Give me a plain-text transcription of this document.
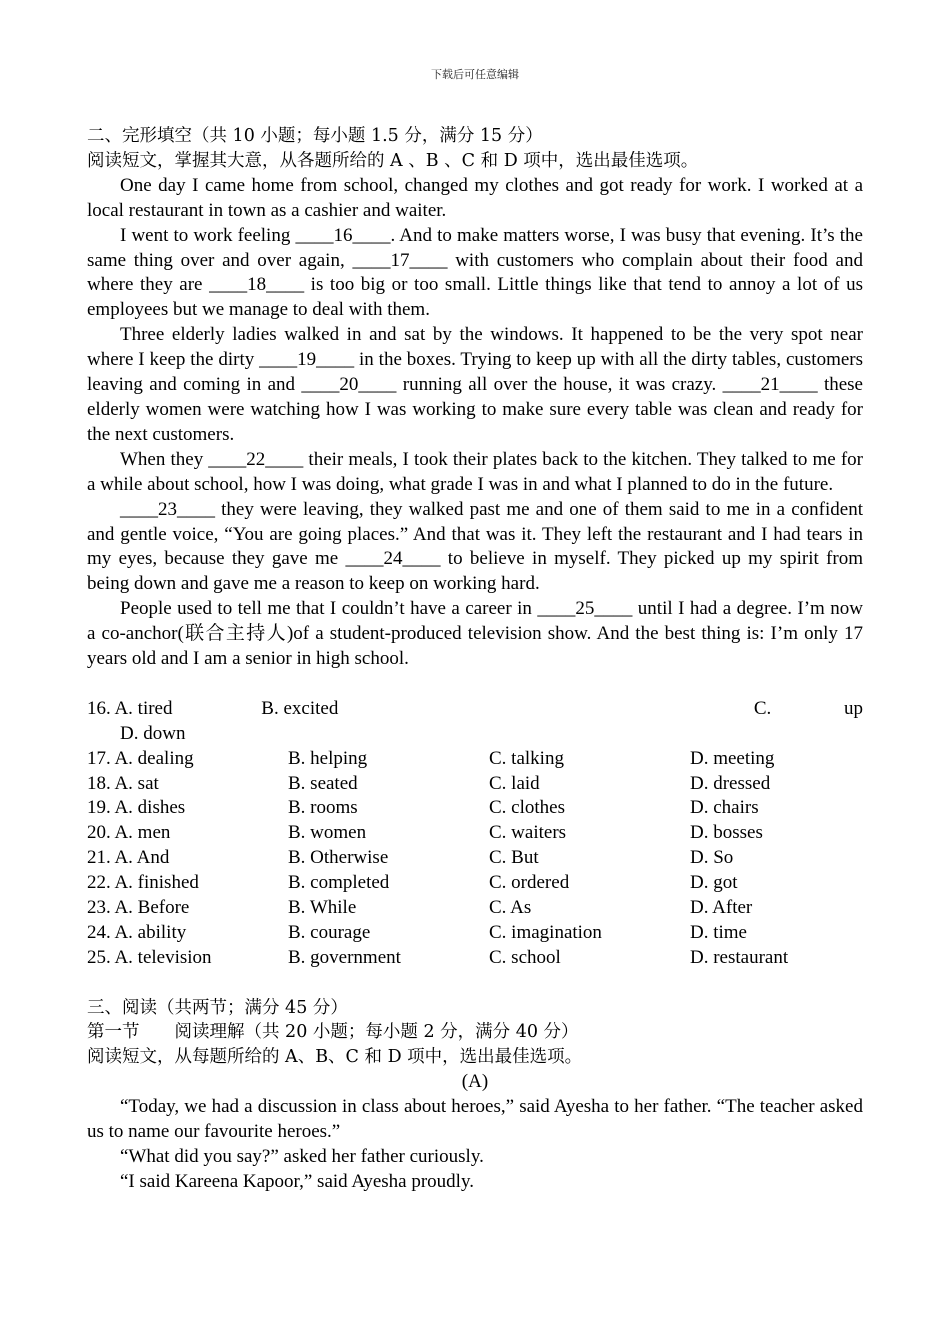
下载后可任意编辑
二、完形填空（共 10 小题；每小题 1.5 分，满分 15 分）
阅读短文，掌握其大意，从各题所给的 A 、B 、C 和 D 项中，选出最佳选项。

One day I came home from school, changed my clothes and got ready for work. I worked at a local restaurant in town as a cashier and waiter.

I went to work feeling ____16____. And to make matters worse, I was busy that evening. It’s the same thing over and over again, ____17____ with customers who complain about their food and where they are ____18____ is too big or too small. Little things like that tend to annoy a lot of us employees but we manage to deal with them.

Three elderly ladies walked in and sat by the windows. It happened to be the very spot near where I keep the dirty ____19____ in the boxes. Trying to keep up with all the dirty tables, customers leaving and coming in and ____20____ running all over the house, it was crazy. ____21____ these elderly women were watching how I was working to make sure every table was clean and ready for the next customers.

When they ____22____ their meals, I took their plates back to the kitchen. They talked to me for a while about school, how I was doing, what grade I was in and what I planned to do in the future.

____23____ they were leaving, they walked past me and one of them said to me in a confident and gentle voice, “You are going places.” And that was it. They left the restaurant and I had tears in my eyes, because they gave me ____24____ to believe in myself. They picked up my spirit from being down and gave me a reason to keep on working hard.

People used to tell me that I couldn’t have a career in ____25____ until I had a degree. I’m now a co-anchor(联合主持人)of a student-produced television show. And the best thing is: I’m only 17 years old and I am a senior in high school.

16. A. tired	B. excited	C.	up
D. down
17. A. dealing	B. helping	C. talking	D. meeting
18. A. sat	B. seated	C. laid	D. dressed
19. A. dishes	B. rooms	C. clothes	D. chairs
20. A. men	B. women	C. waiters	D. bosses
21. A. And	B. Otherwise	C. But	D. So
22. A. finished	B. completed	C. ordered	D. got
23. A. Before	B. While	C. As	D. After
24. A. ability	B. courage	C. imagination	D. time
25. A. television	B. government	C. school	D. restaurant
三、阅读（共两节；满分 45 分）
第一节　　阅读理解（共 20 小题；每小题 2 分，满分 40 分）
阅读短文，从每题所给的 A、B、C 和 D 项中，选出最佳选项。
(A)

“Today, we had a discussion in class about heroes,” said Ayesha to her father. “The teacher asked us to name our favourite heroes.”

“What did you say?” asked her father curiously.

“I said Kareena Kapoor,” said Ayesha proudly.
